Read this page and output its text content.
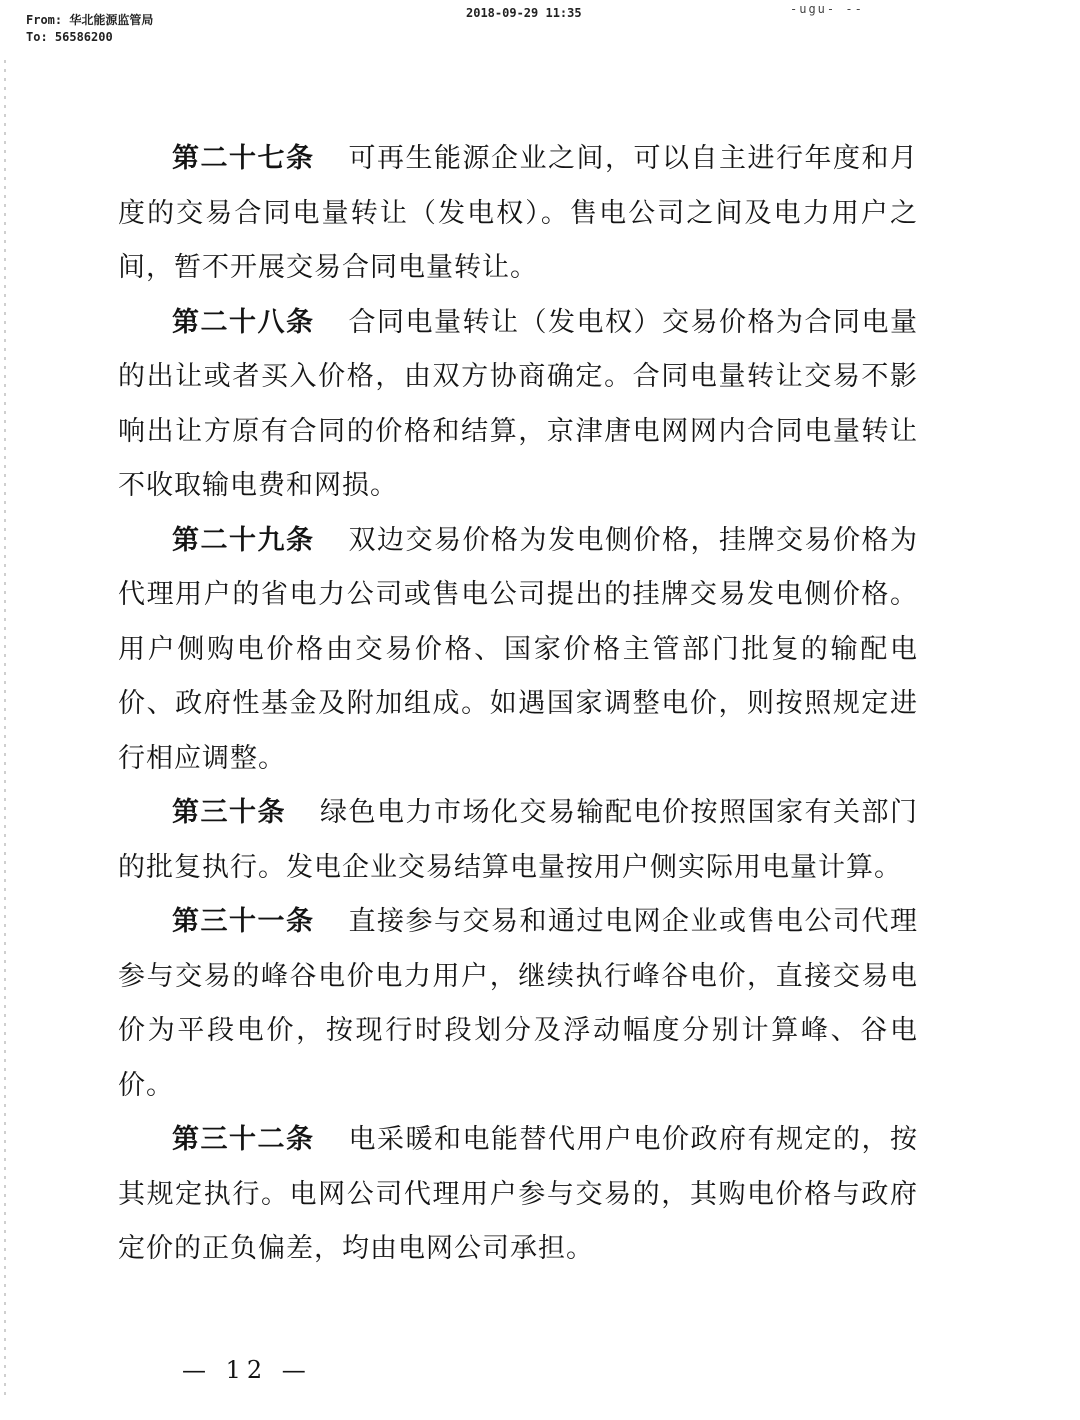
From: 华北能源监管局
To: 56586200
2018-09-29 11:35	-ugu- --

第二十七条 可再生能源企业之间，可以自主进行年度和月度的交易合同电量转让（发电权）。售电公司之间及电力用户之间，暂不开展交易合同电量转让。

第二十八条 合同电量转让（发电权）交易价格为合同电量的出让或者买入价格，由双方协商确定。合同电量转让交易不影响出让方原有合同的价格和结算，京津唐电网网内合同电量转让不收取输电费和网损。

第二十九条 双边交易价格为发电侧价格，挂牌交易价格为代理用户的省电力公司或售电公司提出的挂牌交易发电侧价格。用户侧购电价格由交易价格、国家价格主管部门批复的输配电价、政府性基金及附加组成。如遇国家调整电价，则按照规定进行相应调整。

第三十条 绿色电力市场化交易输配电价按照国家有关部门的批复执行。发电企业交易结算电量按用户侧实际用电量计算。

第三十一条 直接参与交易和通过电网企业或售电公司代理参与交易的峰谷电价电力用户，继续执行峰谷电价，直接交易电价为平段电价，按现行时段划分及浮动幅度分别计算峰、谷电价。

第三十二条 电采暖和电能替代用户电价政府有规定的，按其规定执行。电网公司代理用户参与交易的，其购电价格与政府定价的正负偏差，均由电网公司承担。

— 12 —
